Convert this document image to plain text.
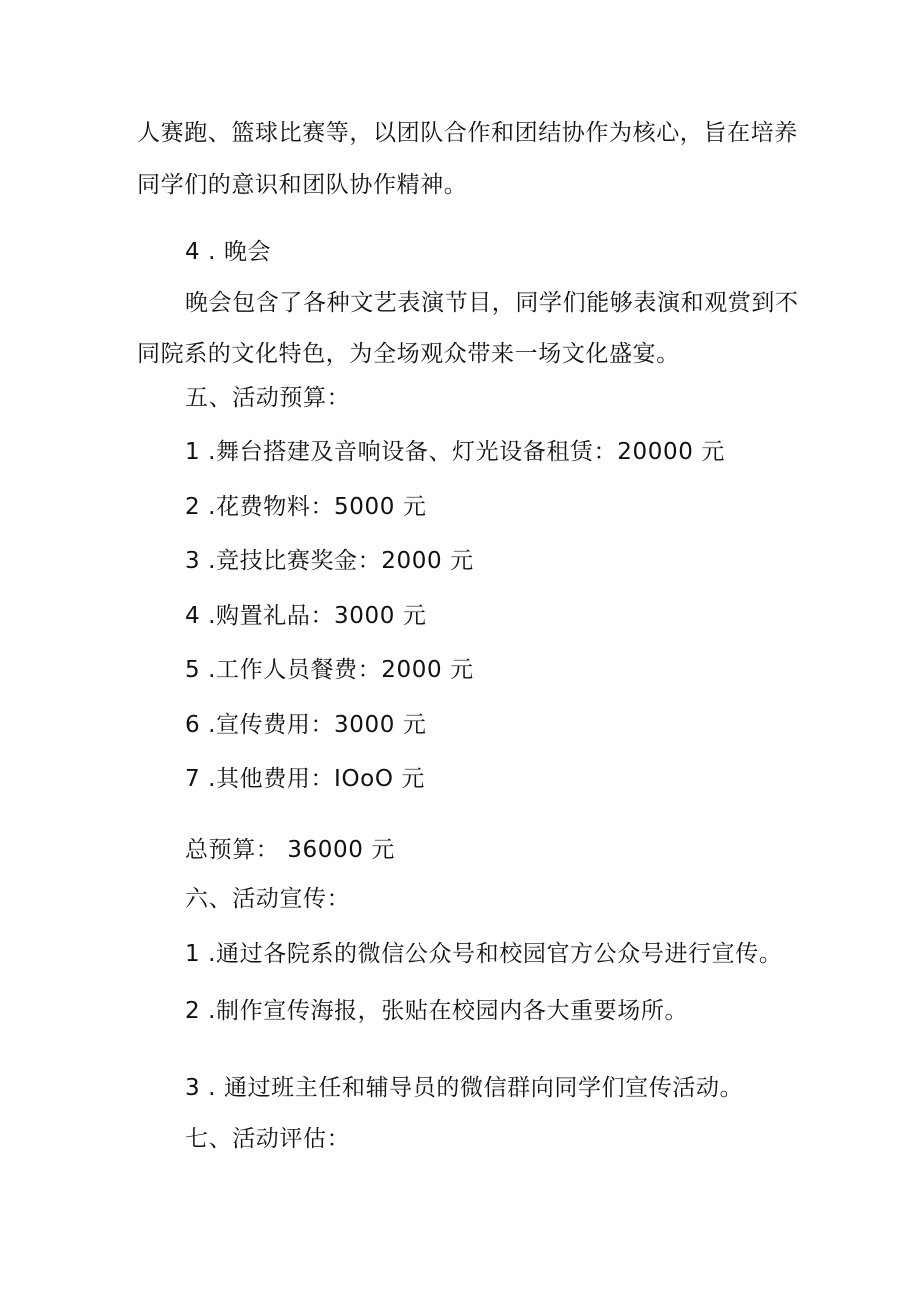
人赛跑、篮球比赛等，以团队合作和团结协作为核心，旨在培养
同学们的意识和团队协作精神。
4 . 晚会
晚会包含了各种文艺表演节目，同学们能够表演和观赏到不
同院系的文化特色，为全场观众带来一场文化盛宴。
五、活动预算：
1 .舞台搭建及音响设备、灯光设备租赁：20000 元
2 .花费物料：5000 元
3 .竞技比赛奖金：2000 元
4 .购置礼品：3000 元
5 .工作人员餐费：2000 元
6 .宣传费用：3000 元
7 .其他费用：IOoO 元
总预算： 36000 元
六、活动宣传：
1 .通过各院系的微信公众号和校园官方公众号进行宣传。
2 .制作宣传海报，张贴在校园内各大重要场所。
3 . 通过班主任和辅导员的微信群向同学们宣传活动。
七、活动评估：
